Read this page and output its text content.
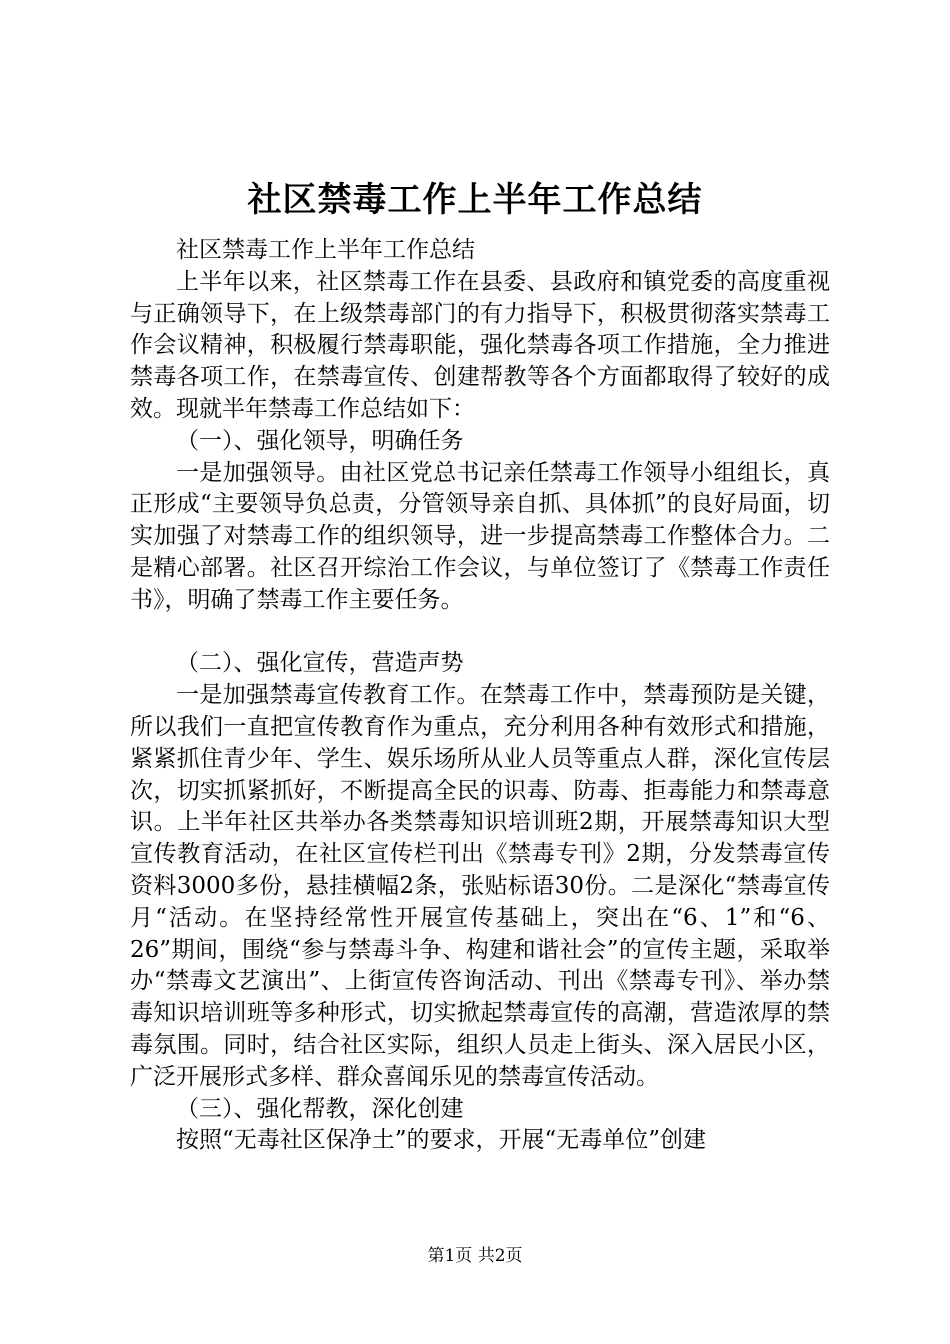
社区禁毒工作上半年工作总结

社区禁毒工作上半年工作总结

上半年以来，社区禁毒工作在县委、县政府和镇党委的高度重视与正确领导下，在上级禁毒部门的有力指导下，积极贯彻落实禁毒工作会议精神，积极履行禁毒职能，强化禁毒各项工作措施，全力推进禁毒各项工作，在禁毒宣传、创建帮教等各个方面都取得了较好的成效。现就半年禁毒工作总结如下：

（一）、强化领导，明确任务

一是加强领导。由社区党总书记亲任禁毒工作领导小组组长，真正形成“主要领导负总责，分管领导亲自抓、具体抓”的良好局面，切实加强了对禁毒工作的组织领导，进一步提高禁毒工作整体合力。二是精心部署。社区召开综治工作会议，与单位签订了《禁毒工作责任书》，明确了禁毒工作主要任务。

（二）、强化宣传，营造声势

一是加强禁毒宣传教育工作。在禁毒工作中，禁毒预防是关键，所以我们一直把宣传教育作为重点，充分利用各种有效形式和措施，紧紧抓住青少年、学生、娱乐场所从业人员等重点人群，深化宣传层次，切实抓紧抓好，不断提高全民的识毒、防毒、拒毒能力和禁毒意识。上半年社区共举办各类禁毒知识培训班2期，开展禁毒知识大型宣传教育活动，在社区宣传栏刊出《禁毒专刊》2期，分发禁毒宣传资料3000多份，悬挂横幅2条，张贴标语30份。二是深化“禁毒宣传月“活动。在坚持经常性开展宣传基础上，突出在“6、1”和“6、26”期间，围绕“参与禁毒斗争、构建和谐社会”的宣传主题，采取举办“禁毒文艺演出”、上街宣传咨询活动、刊出《禁毒专刊》、举办禁毒知识培训班等多种形式，切实掀起禁毒宣传的高潮，营造浓厚的禁毒氛围。同时，结合社区实际，组织人员走上街头、深入居民小区，广泛开展形式多样、群众喜闻乐见的禁毒宣传活动。

（三）、强化帮教，深化创建

按照“无毒社区保净土”的要求，开展“无毒单位”创建

第1页 共2页
